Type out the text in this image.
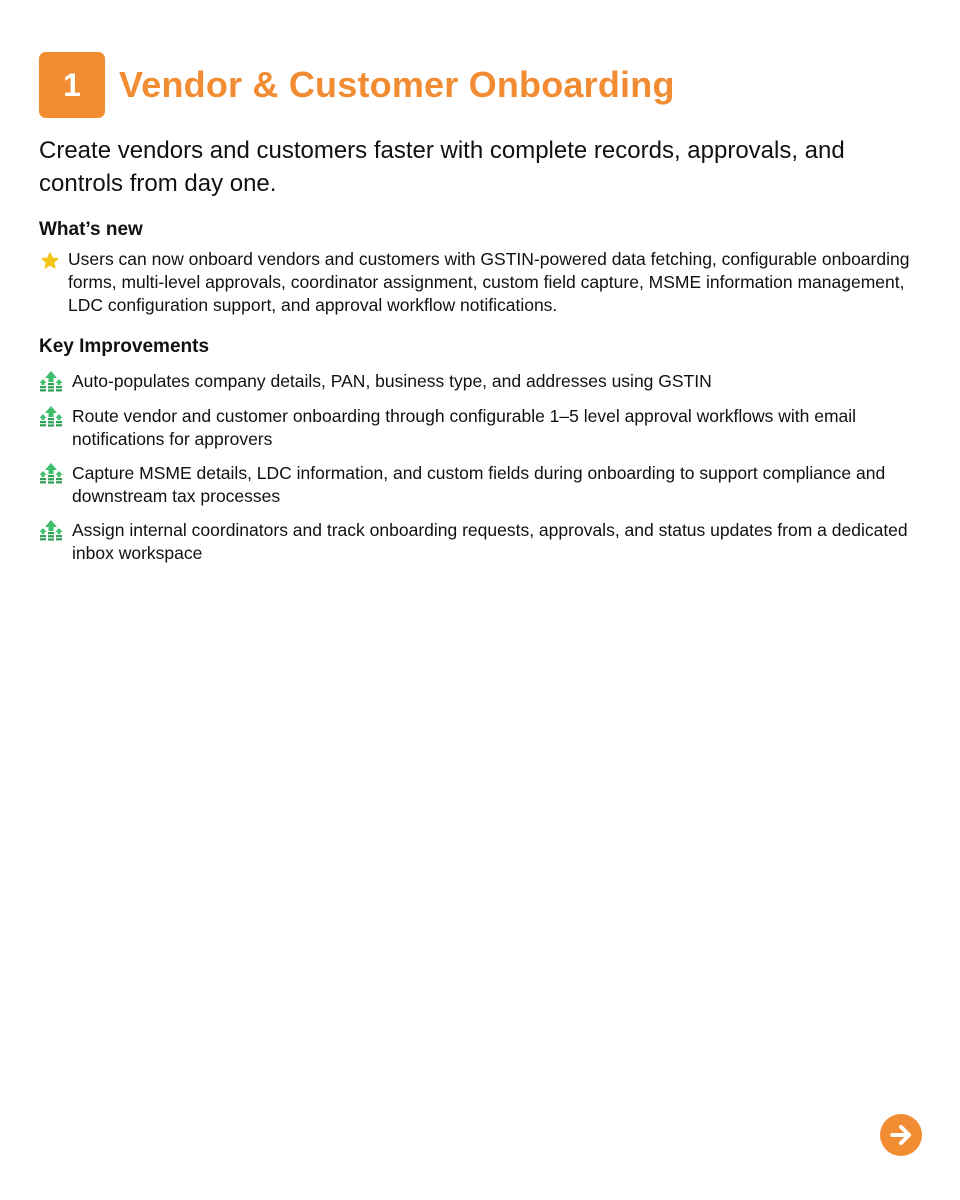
1 Vendor & Customer Onboarding

Create vendors and customers faster with complete records, approvals, and controls from day one.

What’s new

Users can now onboard vendors and customers with GSTIN-powered data fetching, configurable onboarding forms, multi-level approvals, coordinator assignment, custom field capture, MSME information management, LDC configuration support, and approval workflow notifications.

Key Improvements

Auto-populates company details, PAN, business type, and addresses using GSTIN

Route vendor and customer onboarding through configurable 1–5 level approval workflows with email notifications for approvers

Capture MSME details, LDC information, and custom fields during onboarding to support compliance and downstream tax processes

Assign internal coordinators and track onboarding requests, approvals, and status updates from a dedicated inbox workspace
